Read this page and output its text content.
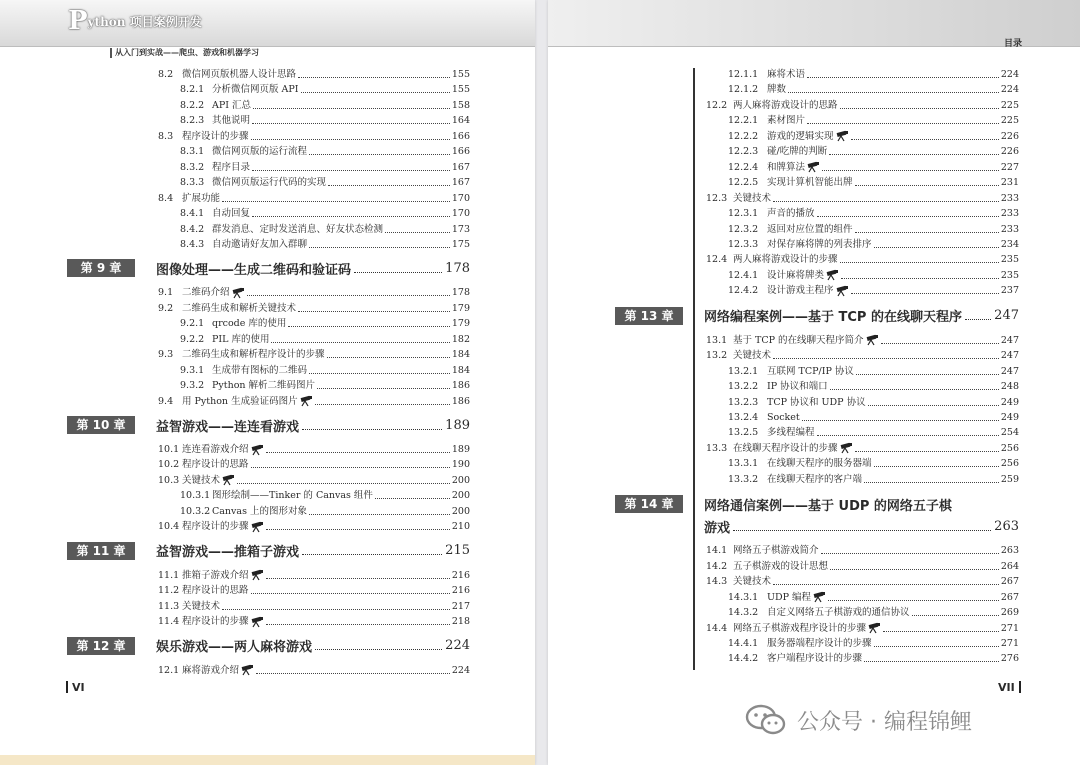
Python 项目案例开发
从入门到实战——爬虫、游戏和机器学习
8.2 微信网页版机器人设计思路	155
8.2.1 分析微信网页版 API	155
8.2.2 API 汇总	158
8.2.3 其他说明	164
8.3 程序设计的步骤	166
8.3.1 微信网页版的运行流程	166
8.3.2 程序目录	167
8.3.3 微信网页版运行代码的实现	167
8.4 扩展功能	170
8.4.1 自动回复	170
8.4.2 群发消息、定时发送消息、好友状态检测	173
8.4.3 自动邀请好友加入群聊	175
第 9 章	图像处理——生成二维码和验证码	178
9.1 二维码介绍	178
9.2 二维码生成和解析关键技术	179
9.2.1 qrcode 库的使用	179
9.2.2 PIL 库的使用	182
9.3 二维码生成和解析程序设计的步骤	184
9.3.1 生成带有图标的二维码	184
9.3.2 Python 解析二维码图片	186
9.4 用 Python 生成验证码图片	186
第 10 章	益智游戏——连连看游戏	189
10.1 连连看游戏介绍	189
10.2 程序设计的思路	190
10.3 关键技术	200
10.3.1 图形绘制——Tinker 的 Canvas 组件	200
10.3.2 Canvas 上的图形对象	200
10.4 程序设计的步骤	210
第 11 章	益智游戏——推箱子游戏	215
11.1 推箱子游戏介绍	216
11.2 程序设计的思路	216
11.3 关键技术	217
11.4 程序设计的步骤	218
第 12 章	娱乐游戏——两人麻将游戏	224
12.1 麻将游戏介绍	224
VI
目录
12.1.1 麻将术语	224
12.1.2 牌数	224
12.2 两人麻将游戏设计的思路	225
12.2.1 素材图片	225
12.2.2 游戏的逻辑实现	226
12.2.3 碰/吃牌的判断	226
12.2.4 和牌算法	227
12.2.5 实现计算机智能出牌	231
12.3 关键技术	233
12.3.1 声音的播放	233
12.3.2 返回对应位置的组件	233
12.3.3 对保存麻将牌的列表排序	234
12.4 两人麻将游戏设计的步骤	235
12.4.1 设计麻将牌类	235
12.4.2 设计游戏主程序	237
第 13 章	网络编程案例——基于 TCP 的在线聊天程序 247
13.1 基于 TCP 的在线聊天程序简介	247
13.2 关键技术	247
13.2.1 互联网 TCP/IP 协议	247
13.2.2 IP 协议和端口	248
13.2.3 TCP 协议和 UDP 协议	249
13.2.4 Socket	249
13.2.5 多线程编程	254
13.3 在线聊天程序设计的步骤	256
13.3.1 在线聊天程序的服务器端	256
13.3.2 在线聊天程序的客户端	259
第 14 章	网络通信案例——基于 UDP 的网络五子棋
游戏	263
14.1 网络五子棋游戏简介	263
14.2 五子棋游戏的设计思想	264
14.3 关键技术	267
14.3.1 UDP 编程	267
14.3.2 自定义网络五子棋游戏的通信协议	269
14.4 网络五子棋游戏程序设计的步骤	271
14.4.1 服务器端程序设计的步骤	271
14.4.2 客户端程序设计的步骤	276
VII
公众号 · 编程锦鲤
